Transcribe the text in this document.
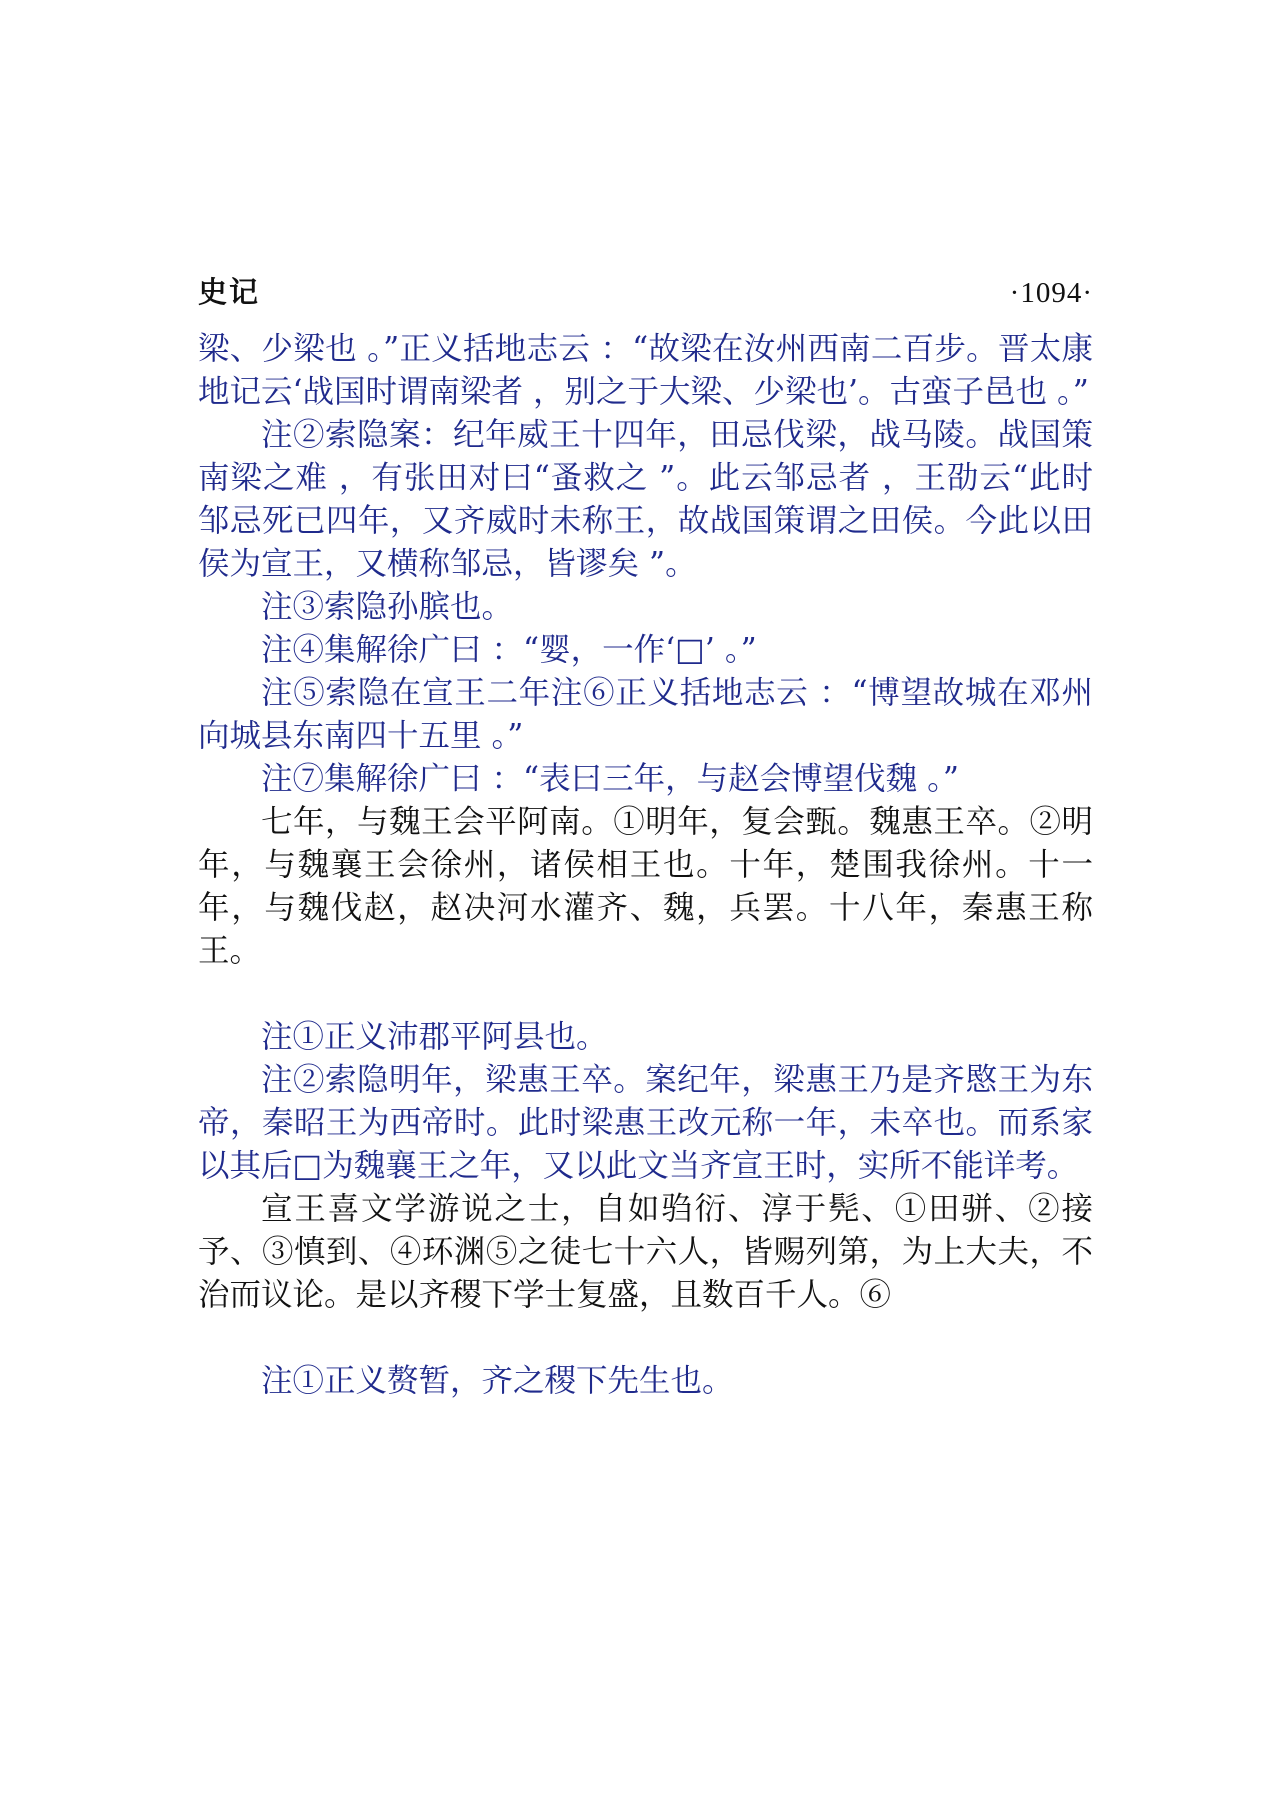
史记	·1094·

梁、少梁也 。”正义括地志云 ：“故梁在汝州西南二百步。晋太康地记云‘战国时谓南梁者 ，别之于大梁、少梁也’。古蛮子邑也 。”

注②索隐案：纪年威王十四年，田忌伐梁，战马陵。战国策南梁之难 ，有张田对曰“蚤救之 ”。此云邹忌者 ，王劭云“此时邹忌死已四年，又齐威时未称王，故战国策谓之田侯。今此以田侯为宣王，又横称邹忌，皆谬矣 ”。

注③索隐孙膑也。

注④集解徐广曰 ：“婴，一作‘□’ 。”

注⑤索隐在宣王二年注⑥正义括地志云 ：“博望故城在邓州向城县东南四十五里 。”

注⑦集解徐广曰 ：“表曰三年，与赵会博望伐魏 。”

七年，与魏王会平阿南。①明年，复会甄。魏惠王卒。②明年，与魏襄王会徐州，诸侯相王也。十年，楚围我徐州。十一年，与魏伐赵，赵决河水灌齐、魏，兵罢。十八年，秦惠王称王。

注①正义沛郡平阿县也。

注②索隐明年，梁惠王卒。案纪年，梁惠王乃是齐愍王为东帝，秦昭王为西帝时。此时梁惠王改元称一年，未卒也。而系家以其后□为魏襄王之年，又以此文当齐宣王时，实所不能详考。

宣王喜文学游说之士，自如驺衍、淳于髡、①田骈、②接予、③慎到、④环渊⑤之徒七十六人，皆赐列第，为上大夫，不治而议论。是以齐稷下学士复盛，且数百千人。⑥

注①正义赘暂，齐之稷下先生也。
